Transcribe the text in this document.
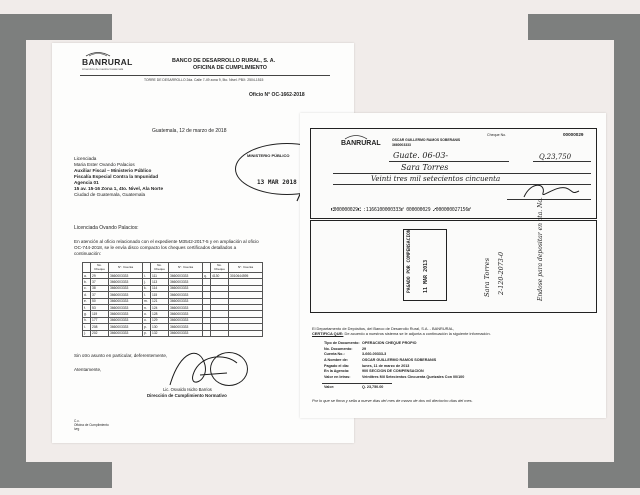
BANRURAL
Al servicio de nuestra Guatemala
BANCO DE DESARROLLO RURAL, S. A.
OFICINA DE CUMPLIMIENTO
TORRE DE DESARROLLO 2da. Calle 7-49 zona 9, 5to. Nivel. PBX: 2504-1515
Oficio N° OC-1662-2018
Guatemala, 12 de marzo de 2018
Licenciada
Maria Ester Ovando Palacios
Auxiliar Fiscal – Ministerio Público
Fiscalía Especial Contra la Impunidad
Agencia 01
15 av. 15-16 Zona 1, 4to. Nivel, Ala Norte
Ciudad de Guatemala, Guatemala
Licenciada Ovando Palacios:
En atención al oficio relacionado con el expediente M3542-2017-5 y en ampliación al oficio
OC-744-2018, se le envía disco compacto los cheques certificados detallados a
continuación:
MINISTERIO PÚBLICO
13 MAR 2018
	No. Cheque	N°. Cuenta		No. Cheque	N°. Cuenta		No. Cheque	N°. Cuenta
a.	29	3660003333	i.	111	3660003333	q.	4130	3010644595
b.	37	3660003333	j.	113	3660003333			
c.	38	3660003333	k.	114	3660003333			
d.	37	3660003333	l.	115	3660003333			
e.	50	3660003333	m.	121	3660003333			
f.	53	3660003333	n.	124	3660003333			
g.	119	3660003333	o.	128	3660003333			
h.	177	3660003333	o.	129	3660003333			
i.	208	3660003333	p.	130	3660003333			
j.	202	3660003333	p.	132	3660003333			
Sin otro asunto en particular, deferentemente,
Atentamente,
Lic. Osvaldo Isidro Barrios
Dirección de Cumplimiento Normativo
C.c.
Oficina de Cumplimiento
Ivrg
BANRURAL
Cheque No.	00000029
OSCAR GUILLERMO RAMOS SOBERANIS
3660003333
Guate. 06-03-	Q.23,750
Sara Torres
Veinti tres mil setecientos cincuenta
⑆000000029⑆ :1166100000333⑈ 000000029 ⑇000000027156⑈
PAGADO POR COMPENSACION 11 MAR 2013	Sara Torres 2-120-2073-0	Endose para depositar en cta. No.
El Departamento de Depósitos, del Banco de Desarrollo Rural, S.A. - BANRURAL,
CERTIFICA QUE: De acuerdo a nuestros sistema se le adjunta a continuación la siguiente información.
Tipo de Documento: OPERACION CHEQUE PROPIO
No. Documento:	29
Cuenta No.:	3-660-00333-3
A Nombre de:	OSCAR GUILLERMO RAMOS SOBERANIS
Pagado el día:	lunes, 11 de marzo de 2013
En la Agencia:	900 SECCION DE COMPENSACION
Valor en letras:	Veintitres Mil Setecientos Cincuenta Quetzales Con 00/100
Valor:	Q. 23,750.00
Por lo que se firma y sella a nueve días del mes de marzo de dos mil dieciocho días del mes.
